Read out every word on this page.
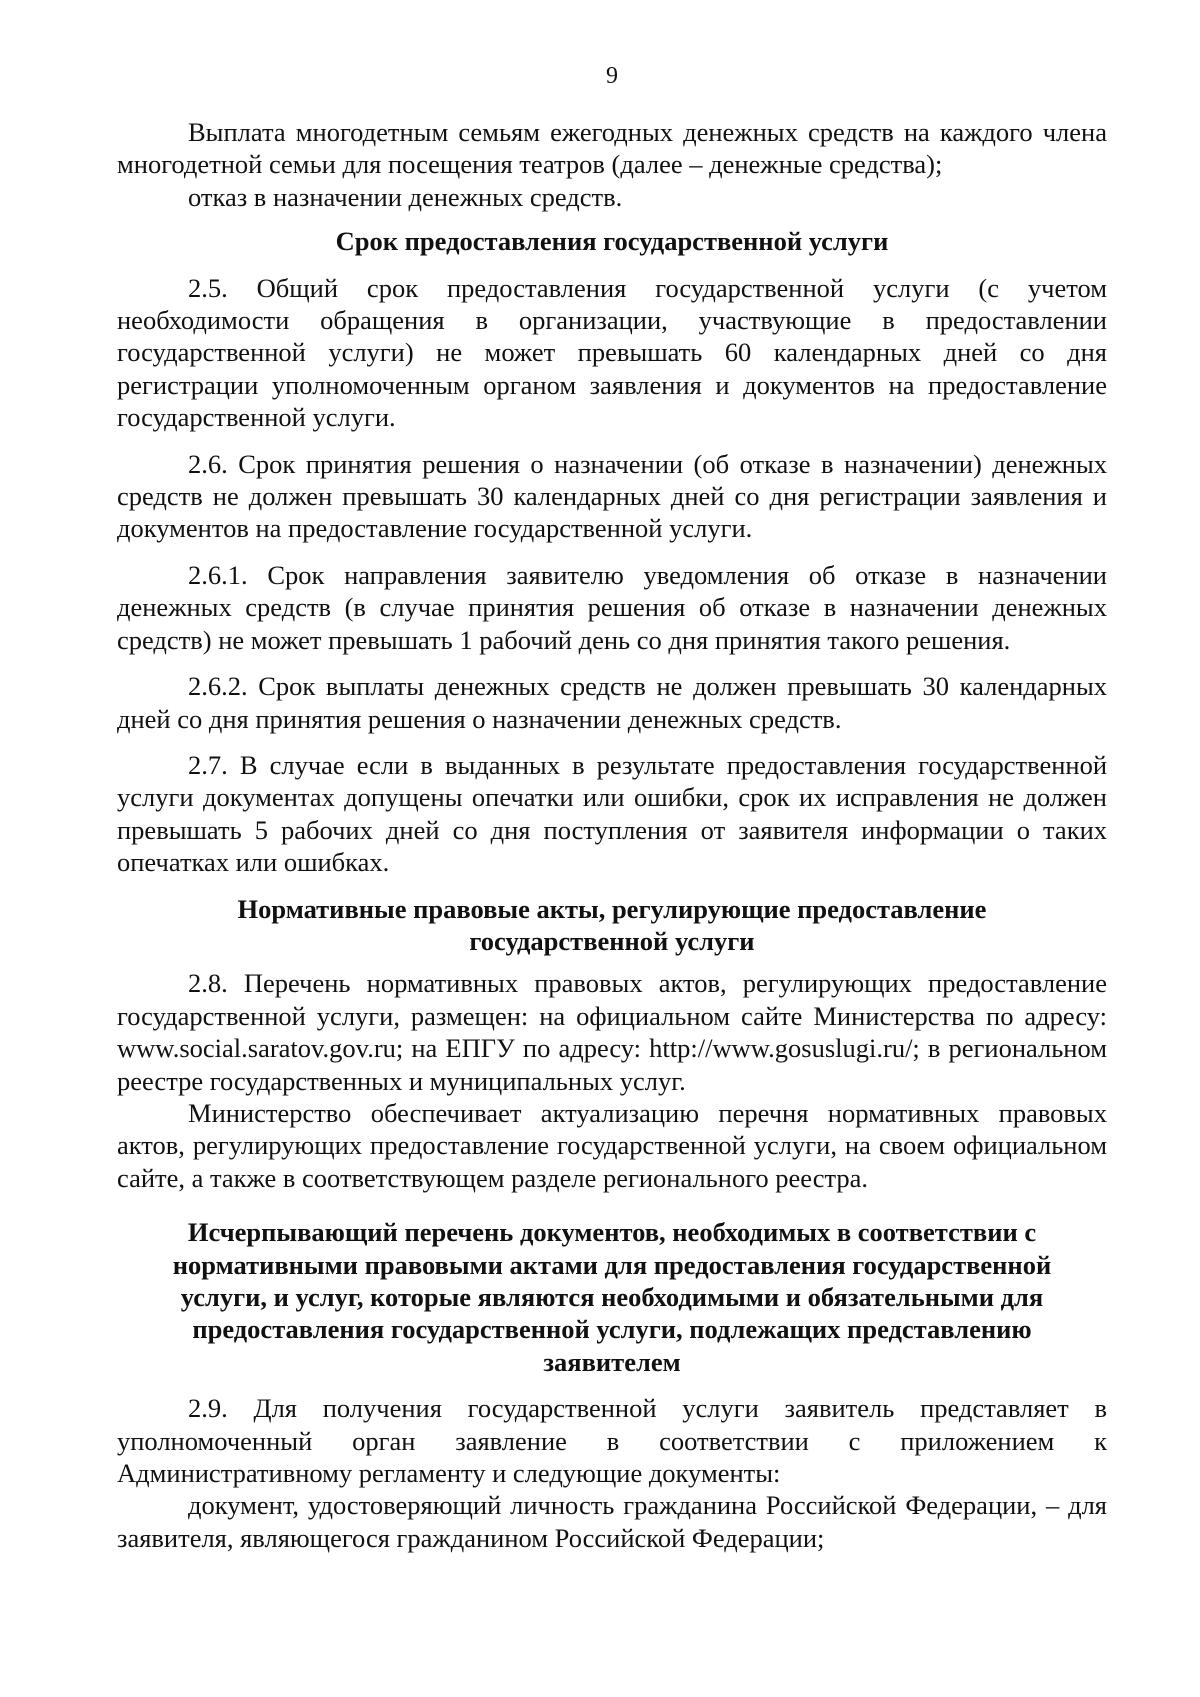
9

Выплата многодетным семьям ежегодных денежных средств на каждого члена многодетной семьи для посещения театров (далее – денежные средства);

отказ в назначении денежных средств.

Срок предоставления государственной услуги

2.5. Общий срок предоставления государственной услуги (с учетом необходимости обращения в организации, участвующие в предоставлении государственной услуги) не может превышать 60 календарных дней со дня регистрации уполномоченным органом заявления и документов на предоставление государственной услуги.

2.6. Срок принятия решения о назначении (об отказе в назначении) денежных средств не должен превышать 30 календарных дней со дня регистрации заявления и документов на предоставление государственной услуги.

2.6.1. Срок направления заявителю уведомления об отказе в назначении денежных средств (в случае принятия решения об отказе в назначении денежных средств) не может превышать 1 рабочий день со дня принятия такого решения.

2.6.2. Срок выплаты денежных средств не должен превышать 30 календарных дней со дня принятия решения о назначении денежных средств.

2.7. В случае если в выданных в результате предоставления государственной услуги документах допущены опечатки или ошибки, срок их исправления не должен превышать 5 рабочих дней со дня поступления от заявителя информации о таких опечатках или ошибках.

Нормативные правовые акты, регулирующие предоставление государственной услуги

2.8. Перечень нормативных правовых актов, регулирующих предоставление государственной услуги, размещен: на официальном сайте Министерства по адресу: www.social.saratov.gov.ru; на ЕПГУ по адресу: http://www.gosuslugi.ru/; в региональном реестре государственных и муниципальных услуг.

Министерство обеспечивает актуализацию перечня нормативных правовых актов, регулирующих предоставление государственной услуги, на своем официальном сайте, а также в соответствующем разделе регионального реестра.

Исчерпывающий перечень документов, необходимых в соответствии с нормативными правовыми актами для предоставления государственной услуги, и услуг, которые являются необходимыми и обязательными для предоставления государственной услуги, подлежащих представлению заявителем

2.9. Для получения государственной услуги заявитель представляет в уполномоченный орган заявление в соответствии с приложением к Административному регламенту и следующие документы:

документ, удостоверяющий личность гражданина Российской Федерации, – для заявителя, являющегося гражданином Российской Федерации;
